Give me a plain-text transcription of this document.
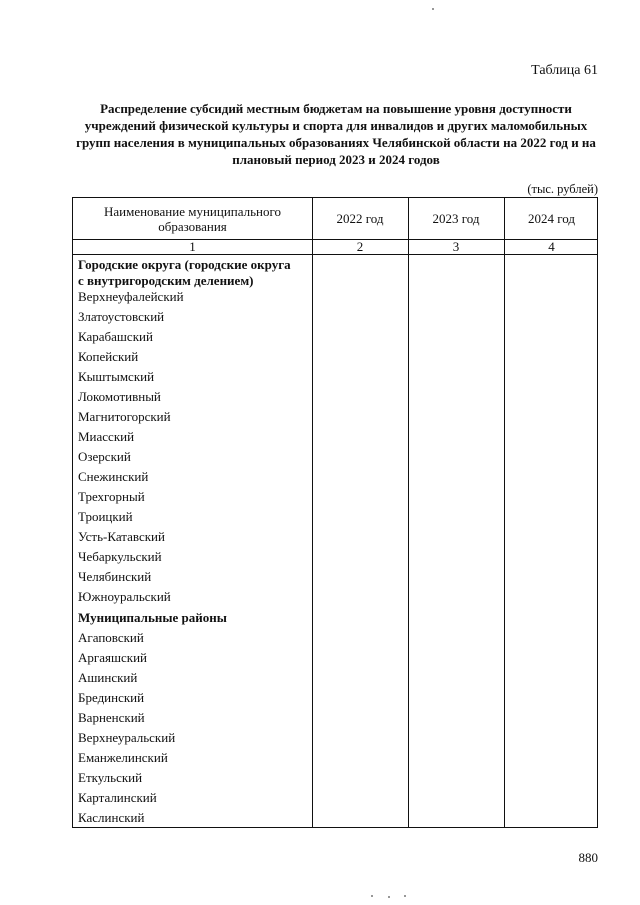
Таблица 61
Распределение субсидий местным бюджетам на повышение уровня доступности учреждений физической культуры и спорта для инвалидов и других маломобильных групп населения в муниципальных образованиях Челябинской области на 2022 год и на плановый период 2023 и 2024 годов
(тыс. рублей)
Наименование муниципального образования	2022 год	2023 год	2024 год
1	2	3	4
Городские округа (городские округа
с внутригородским делением)
Верхнеуфалейский
Златоустовский
Карабашский
Копейский
Кыштымский
Локомотивный
Магнитогорский
Миасский
Озерский
Снежинский
Трехгорный
Троицкий
Усть-Катавский
Чебаркульский
Челябинский
Южноуральский
Муниципальные районы
Агаповский
Аргаяшский
Ашинский
Брединский
Варненский
Верхнеуральский
Еманжелинский
Еткульский
Карталинский
Каслинский
880
